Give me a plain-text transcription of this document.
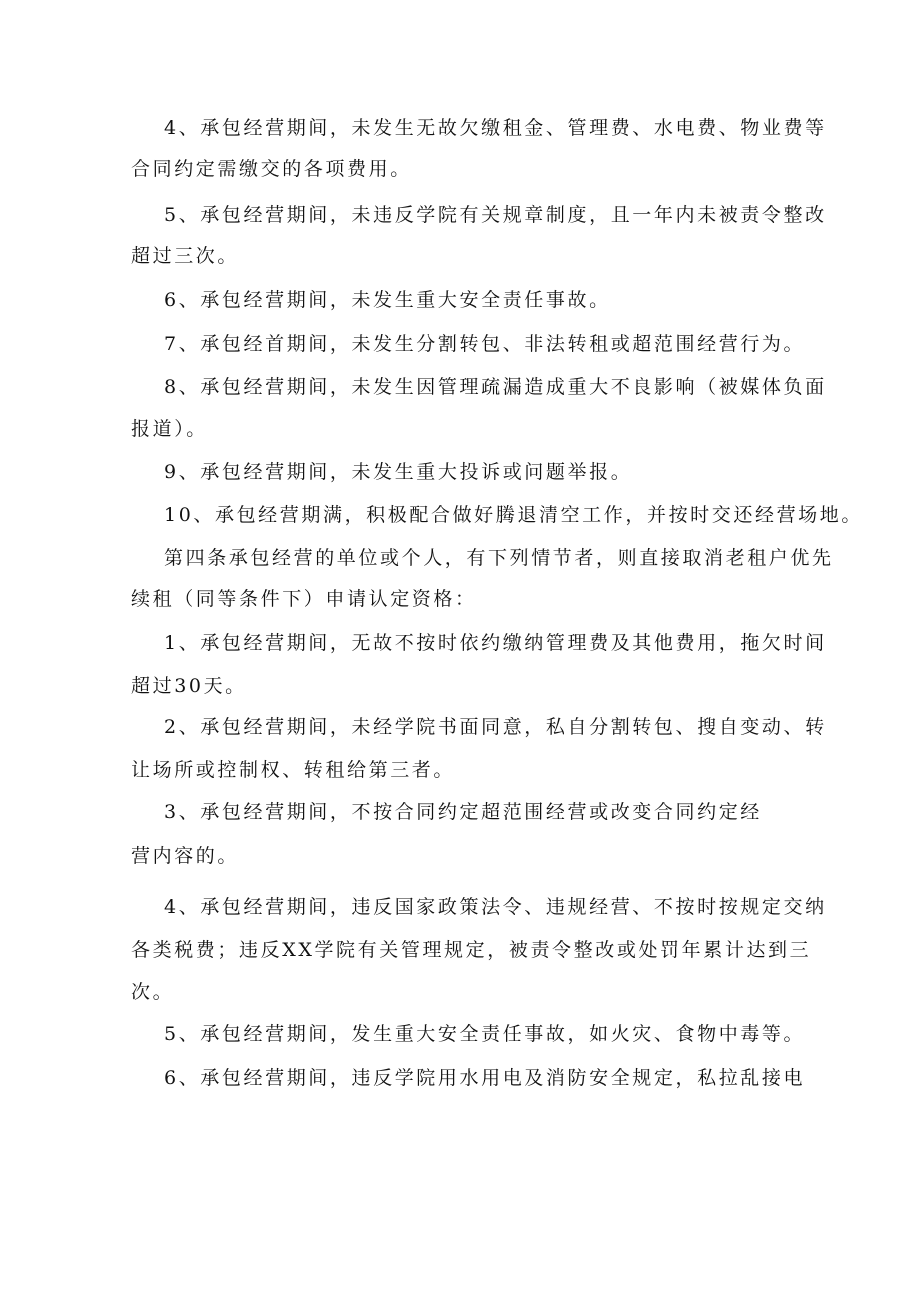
4、承包经营期间，未发生无故欠缴租金、管理费、水电费、物业费等

合同约定需缴交的各项费用。

5、承包经营期间，未违反学院有关规章制度，且一年内未被责令整改

超过三次。

6、承包经营期间，未发生重大安全责任事故。

7、承包经首期间，未发生分割转包、非法转租或超范围经营行为。

8、承包经营期间，未发生因管理疏漏造成重大不良影响（被媒体负面

报道）。

9、承包经营期间，未发生重大投诉或问题举报。

10、承包经营期满，积极配合做好腾退清空工作，并按时交还经营场地。

第四条承包经营的单位或个人，有下列情节者，则直接取消老租户优先

续租（同等条件下）申请认定资格：

1、承包经营期间，无故不按时依约缴纳管理费及其他费用，拖欠时间

超过30天。

2、承包经营期间，未经学院书面同意，私自分割转包、搜自变动、转

让场所或控制权、转租给第三者。

3、承包经营期间，不按合同约定超范围经营或改变合同约定经

营内容的。

4、承包经营期间，违反国家政策法令、违规经营、不按时按规定交纳

各类税费；违反XX学院有关管理规定，被责令整改或处罚年累计达到三

次。

5、承包经营期间，发生重大安全责任事故，如火灾、食物中毒等。

6、承包经营期间，违反学院用水用电及消防安全规定，私拉乱接电
